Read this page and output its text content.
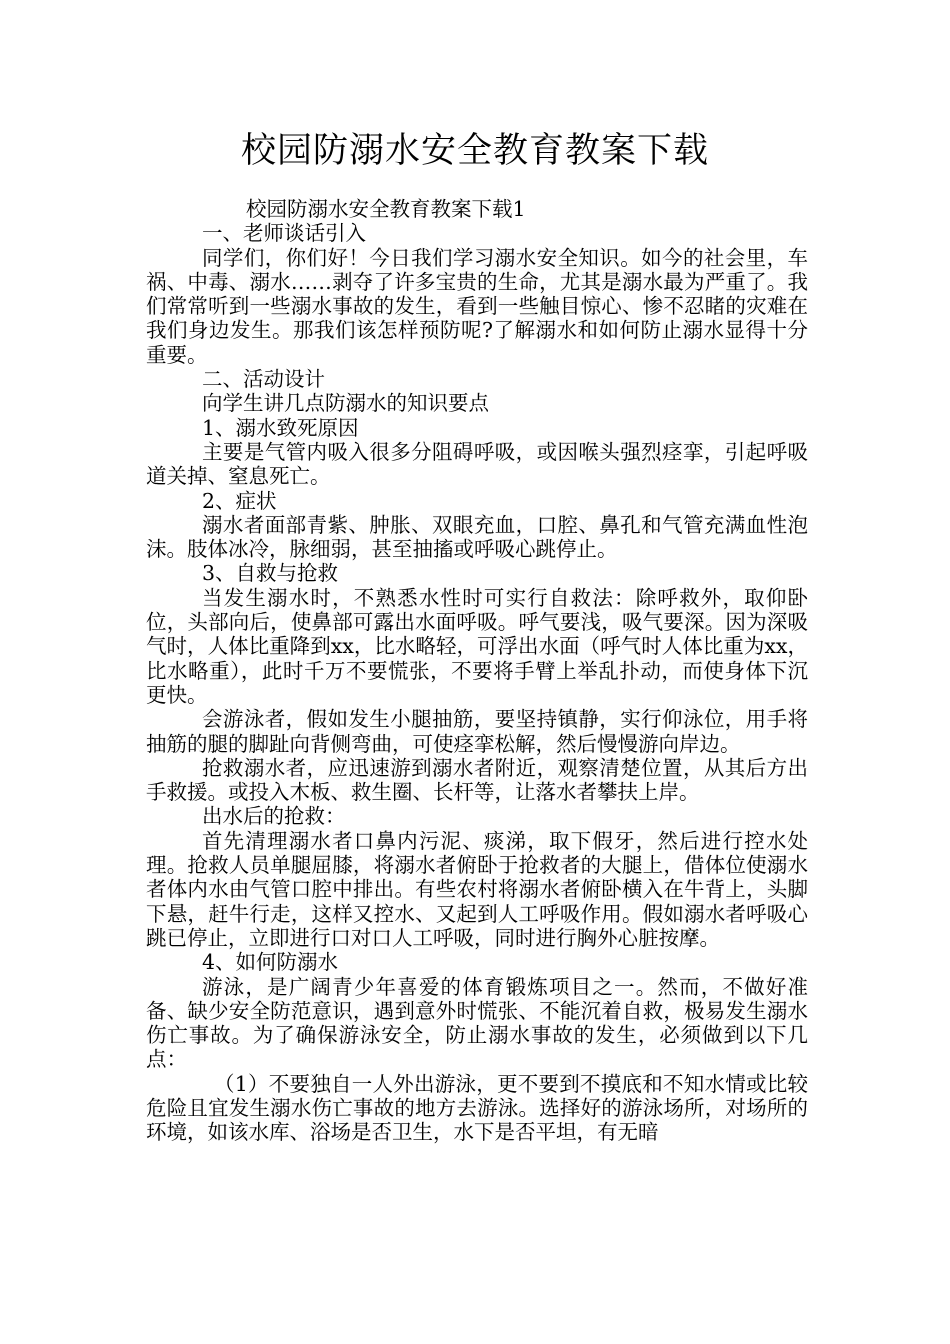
校园防溺水安全教育教案下载

校园防溺水安全教育教案下载1

一、老师谈话引入

同学们，你们好！今日我们学习溺水安全知识。如今的社会里，车祸、中毒、溺水……剥夺了许多宝贵的生命，尤其是溺水最为严重了。我们常常听到一些溺水事故的发生，看到一些触目惊心、惨不忍睹的灾难在我们身边发生。那我们该怎样预防呢?了解溺水和如何防止溺水显得十分重要。

二、活动设计

向学生讲几点防溺水的知识要点

1、溺水致死原因

主要是气管内吸入很多分阻碍呼吸，或因喉头强烈痉挛，引起呼吸道关掉、窒息死亡。

2、症状

溺水者面部青紫、肿胀、双眼充血，口腔、鼻孔和气管充满血性泡沫。肢体冰冷，脉细弱，甚至抽搐或呼吸心跳停止。

3、自救与抢救

当发生溺水时，不熟悉水性时可实行自救法：除呼救外，取仰卧位，头部向后，使鼻部可露出水面呼吸。呼气要浅，吸气要深。因为深吸气时，人体比重降到xx，比水略轻，可浮出水面（呼气时人体比重为xx，比水略重），此时千万不要慌张，不要将手臂上举乱扑动，而使身体下沉更快。

会游泳者，假如发生小腿抽筋，要坚持镇静，实行仰泳位，用手将抽筋的腿的脚趾向背侧弯曲，可使痉挛松解，然后慢慢游向岸边。

抢救溺水者，应迅速游到溺水者附近，观察清楚位置，从其后方出手救援。或投入木板、救生圈、长杆等，让落水者攀扶上岸。

出水后的抢救：

首先清理溺水者口鼻内污泥、痰涕，取下假牙，然后进行控水处理。抢救人员单腿屈膝，将溺水者俯卧于抢救者的大腿上，借体位使溺水者体内水由气管口腔中排出。有些农村将溺水者俯卧横入在牛背上，头脚下悬，赶牛行走，这样又控水、又起到人工呼吸作用。假如溺水者呼吸心跳已停止，立即进行口对口人工呼吸，同时进行胸外心脏按摩。

4、如何防溺水

游泳，是广阔青少年喜爱的体育锻炼项目之一。然而，不做好准备、缺少安全防范意识，遇到意外时慌张、不能沉着自救，极易发生溺水伤亡事故。为了确保游泳安全，防止溺水事故的发生，必须做到以下几点：

（1）不要独自一人外出游泳，更不要到不摸底和不知水情或比较危险且宜发生溺水伤亡事故的地方去游泳。选择好的游泳场所，对场所的环境，如该水库、浴场是否卫生，水下是否平坦，有无暗
